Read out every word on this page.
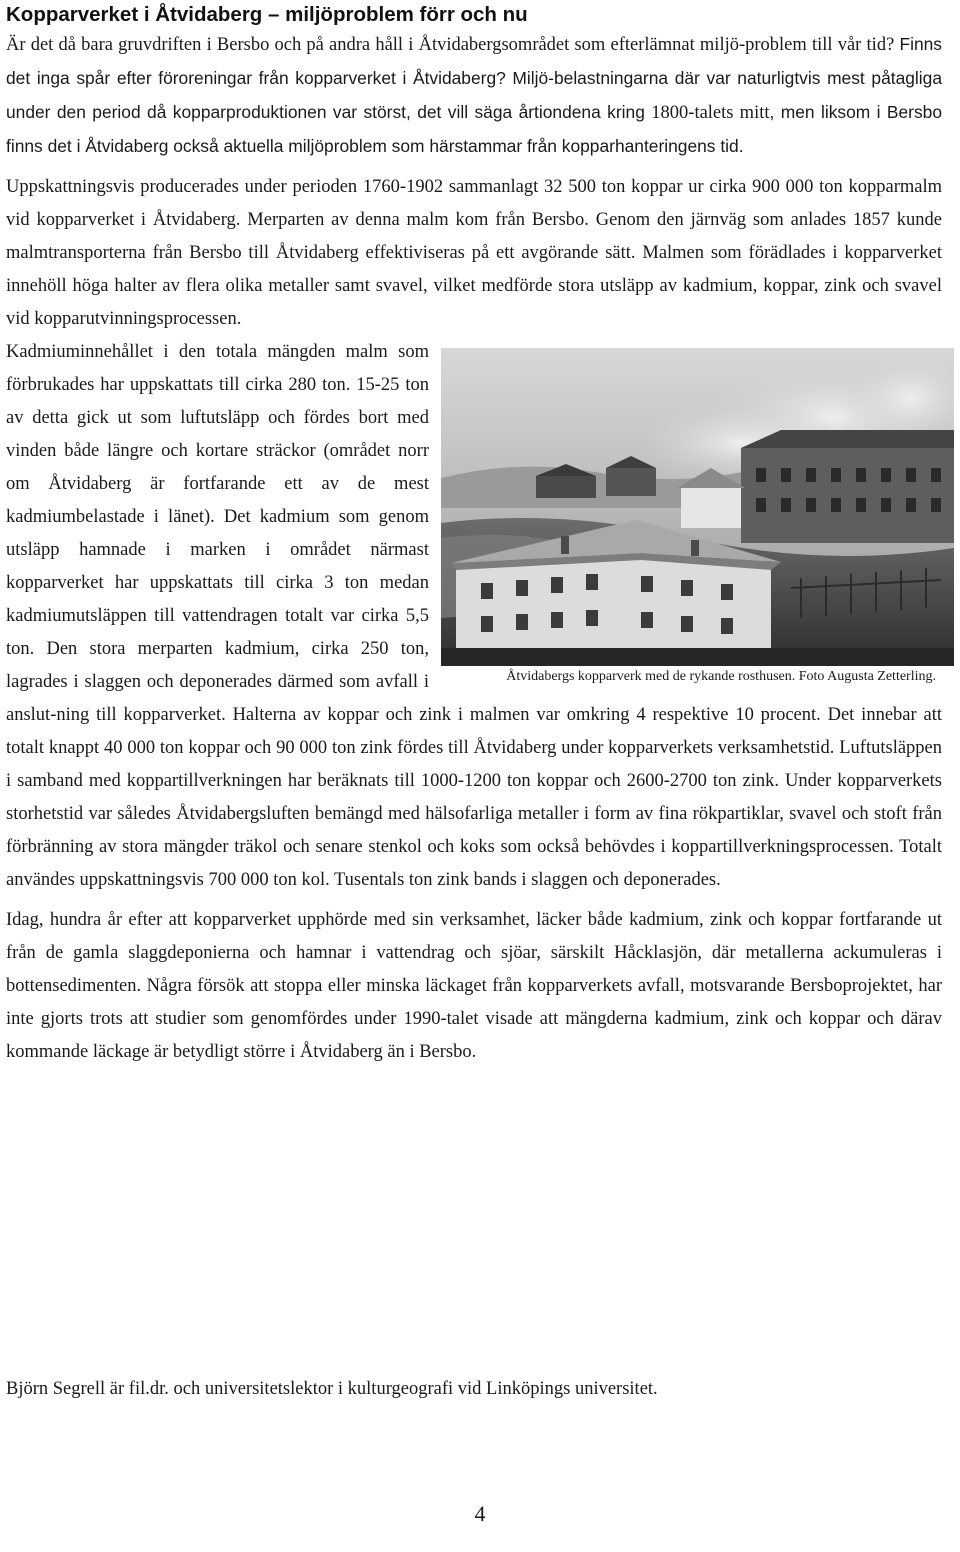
Kopparverket i Åtvidaberg – miljöproblem förr och nu

Är det då bara gruvdriften i Bersbo och på andra håll i Åtvidabergsområdet som efterlämnat miljö-problem till vår tid? Finns det inga spår efter föroreningar från kopparverket i Åtvidaberg? Miljö-belastningarna där var naturligtvis mest påtagliga under den period då kopparproduktionen var störst, det vill säga årtiondena kring 1800-talets mitt, men liksom i Bersbo finns det i Åtvidaberg också aktuella miljöproblem som härstammar från kopparhanteringens tid.

Uppskattningsvis producerades under perioden 1760-1902 sammanlagt 32 500 ton koppar ur cirka 900 000 ton kopparmalm vid kopparverket i Åtvidaberg. Merparten av denna malm kom från Bersbo. Genom den järnväg som anlades 1857 kunde malmtransporterna från Bersbo till Åtvidaberg effektiviseras på ett avgörande sätt. Malmen som förädlades i kopparverket innehöll höga halter av flera olika metaller samt svavel, vilket medförde stora utsläpp av kadmium, koppar, zink och svavel vid kopparutvinningsprocessen.

Åtvidabergs kopparverk med de rykande rosthusen. Foto Augusta Zetterling.

Kadmiuminnehållet i den totala mängden malm som förbrukades har uppskattats till cirka 280 ton. 15-25 ton av detta gick ut som luftutsläpp och fördes bort med vinden både längre och kortare sträckor (området norr om Åtvidaberg är fortfarande ett av de mest kadmiumbelastade i länet). Det kadmium som genom utsläpp hamnade i marken i området närmast kopparverket har uppskattats till cirka 3 ton medan kadmiumutsläppen till vattendragen totalt var cirka 5,5 ton. Den stora merparten kadmium, cirka 250 ton, lagrades i slaggen och deponerades därmed som avfall i anslut-ning till kopparverket. Halterna av koppar och zink i malmen var omkring 4 respektive 10 procent. Det innebar att totalt knappt 40 000 ton koppar och 90 000 ton zink fördes till Åtvidaberg under kopparverkets verksamhetstid. Luftutsläppen i samband med koppartillverkningen har beräknats till 1000-1200 ton koppar och 2600-2700 ton zink. Under kopparverkets storhetstid var således Åtvidabergsluften bemängd med hälsofarliga metaller i form av fina rökpartiklar, svavel och stoft från förbränning av stora mängder träkol och senare stenkol och koks som också behövdes i koppartillverkningsprocessen. Totalt användes uppskattningsvis 700 000 ton kol. Tusentals ton zink bands i slaggen och deponerades.

Idag, hundra år efter att kopparverket upphörde med sin verksamhet, läcker både kadmium, zink och koppar fortfarande ut från de gamla slaggdeponierna och hamnar i vattendrag och sjöar, särskilt Håcklasjön, där metallerna ackumuleras i bottensedimenten. Några försök att stoppa eller minska läckaget från kopparverkets avfall, motsvarande Bersboprojektet, har inte gjorts trots att studier som genomfördes under 1990-talet visade att mängderna kadmium, zink och koppar och därav kommande läckage är betydligt större i Åtvidaberg än i Bersbo.

Björn Segrell är fil.dr. och universitetslektor i kulturgeografi vid Linköpings universitet.

4
